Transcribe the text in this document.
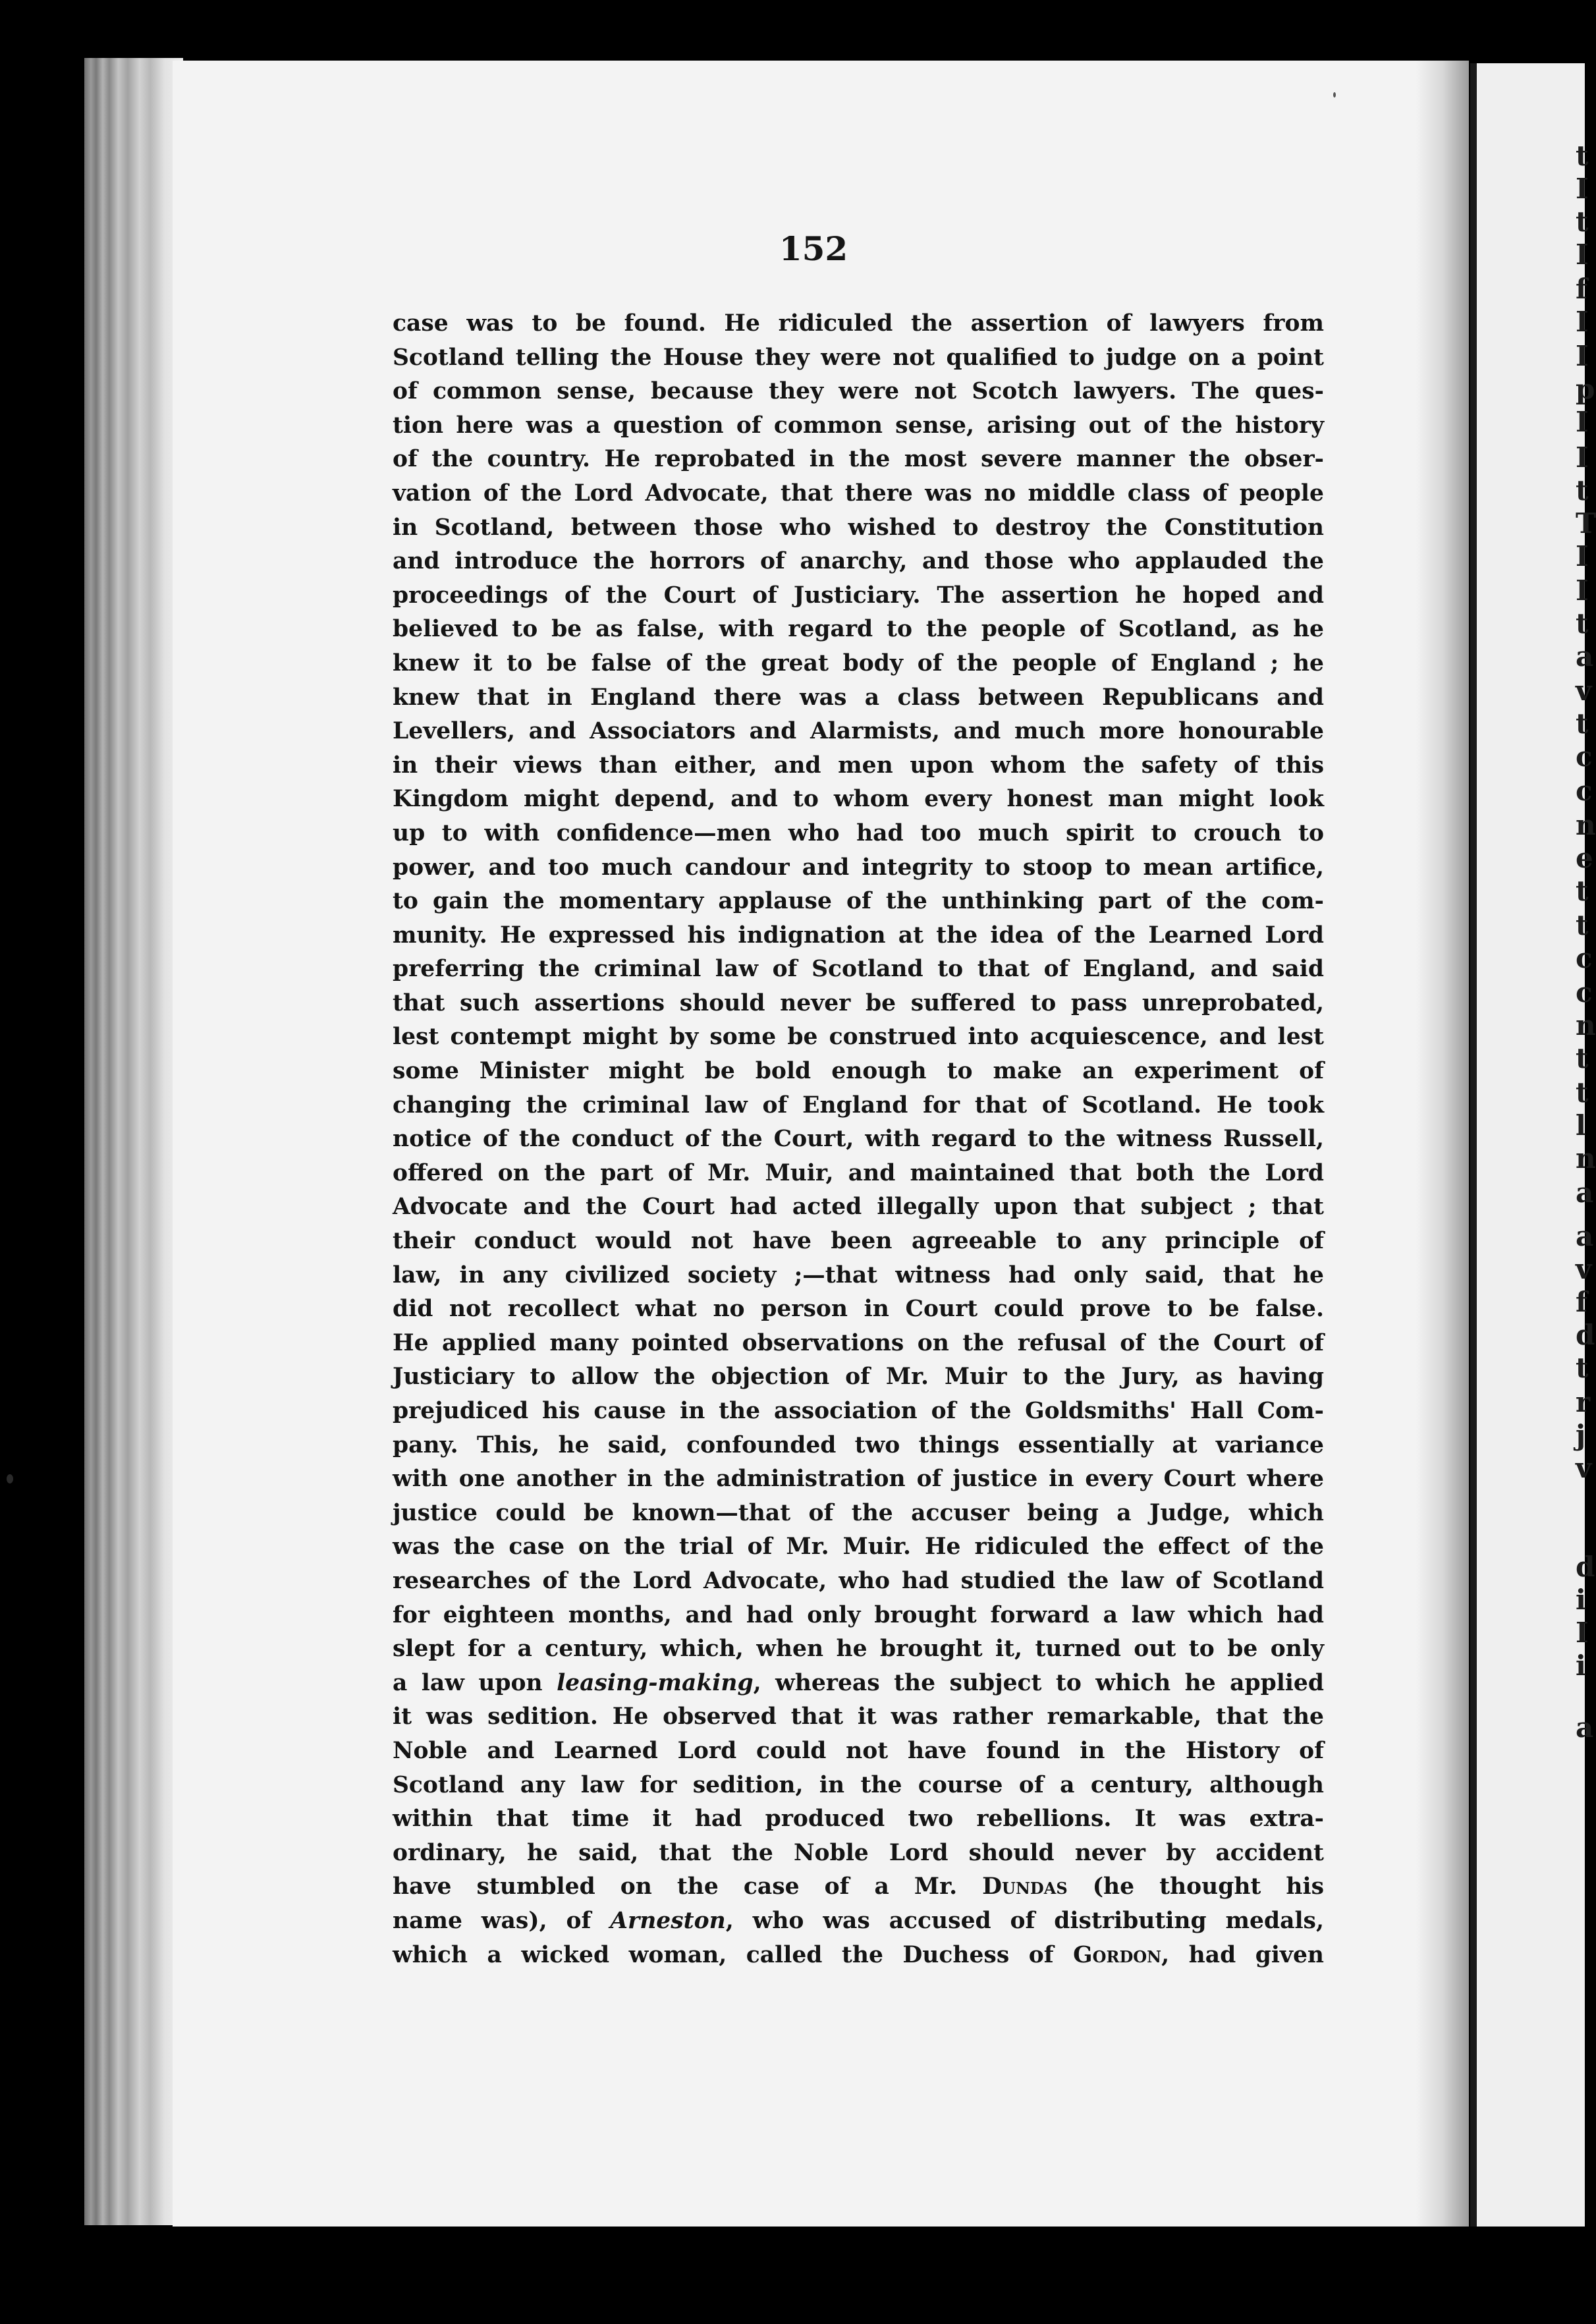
t
I
t
I
f
I
I
p
I
I
t
T
I
I
t
a
v
t
c
c
n
e
t
t
c
c
n
t
t
l
n
a
a
v
f
d
t
r
j
v
d
i
I
i
a
152
case was to be found. He ridiculed the assertion of lawyers from
Scotland telling the House they were not qualified to judge on a point
of common sense, because they were not Scotch lawyers. The ques-
tion here was a question of common sense, arising out of the history
of the country. He reprobated in the most severe manner the obser-
vation of the Lord Advocate, that there was no middle class of people
in Scotland, between those who wished to destroy the Constitution
and introduce the horrors of anarchy, and those who applauded the
proceedings of the Court of Justiciary. The assertion he hoped and
believed to be as false, with regard to the people of Scotland, as he
knew it to be false of the great body of the people of England ; he
knew that in England there was a class between Republicans and
Levellers, and Associators and Alarmists, and much more honourable
in their views than either, and men upon whom the safety of this
Kingdom might depend, and to whom every honest man might look
up to with confidence—men who had too much spirit to crouch to
power, and too much candour and integrity to stoop to mean artifice,
to gain the momentary applause of the unthinking part of the com-
munity. He expressed his indignation at the idea of the Learned Lord
preferring the criminal law of Scotland to that of England, and said
that such assertions should never be suffered to pass unreprobated,
lest contempt might by some be construed into acquiescence, and lest
some Minister might be bold enough to make an experiment of
changing the criminal law of England for that of Scotland. He took
notice of the conduct of the Court, with regard to the witness Russell,
offered on the part of Mr. Muir, and maintained that both the Lord
Advocate and the Court had acted illegally upon that subject ; that
their conduct would not have been agreeable to any principle of
law, in any civilized society ;—that witness had only said, that he
did not recollect what no person in Court could prove to be false.
He applied many pointed observations on the refusal of the Court of
Justiciary to allow the objection of Mr. Muir to the Jury, as having
prejudiced his cause in the association of the Goldsmiths' Hall Com-
pany. This, he said, confounded two things essentially at variance
with one another in the administration of justice in every Court where
justice could be known—that of the accuser being a Judge, which
was the case on the trial of Mr. Muir. He ridiculed the effect of the
researches of the Lord Advocate, who had studied the law of Scotland
for eighteen months, and had only brought forward a law which had
slept for a century, which, when he brought it, turned out to be only
a law upon leasing-making, whereas the subject to which he applied
it was sedition. He observed that it was rather remarkable, that the
Noble and Learned Lord could not have found in the History of
Scotland any law for sedition, in the course of a century, although
within that time it had produced two rebellions. It was extra-
ordinary, he said, that the Noble Lord should never by accident
have stumbled on the case of a Mr. Dundas (he thought his
name was), of Arneston, who was accused of distributing medals,
which a wicked woman, called the Duchess of Gordon, had given
